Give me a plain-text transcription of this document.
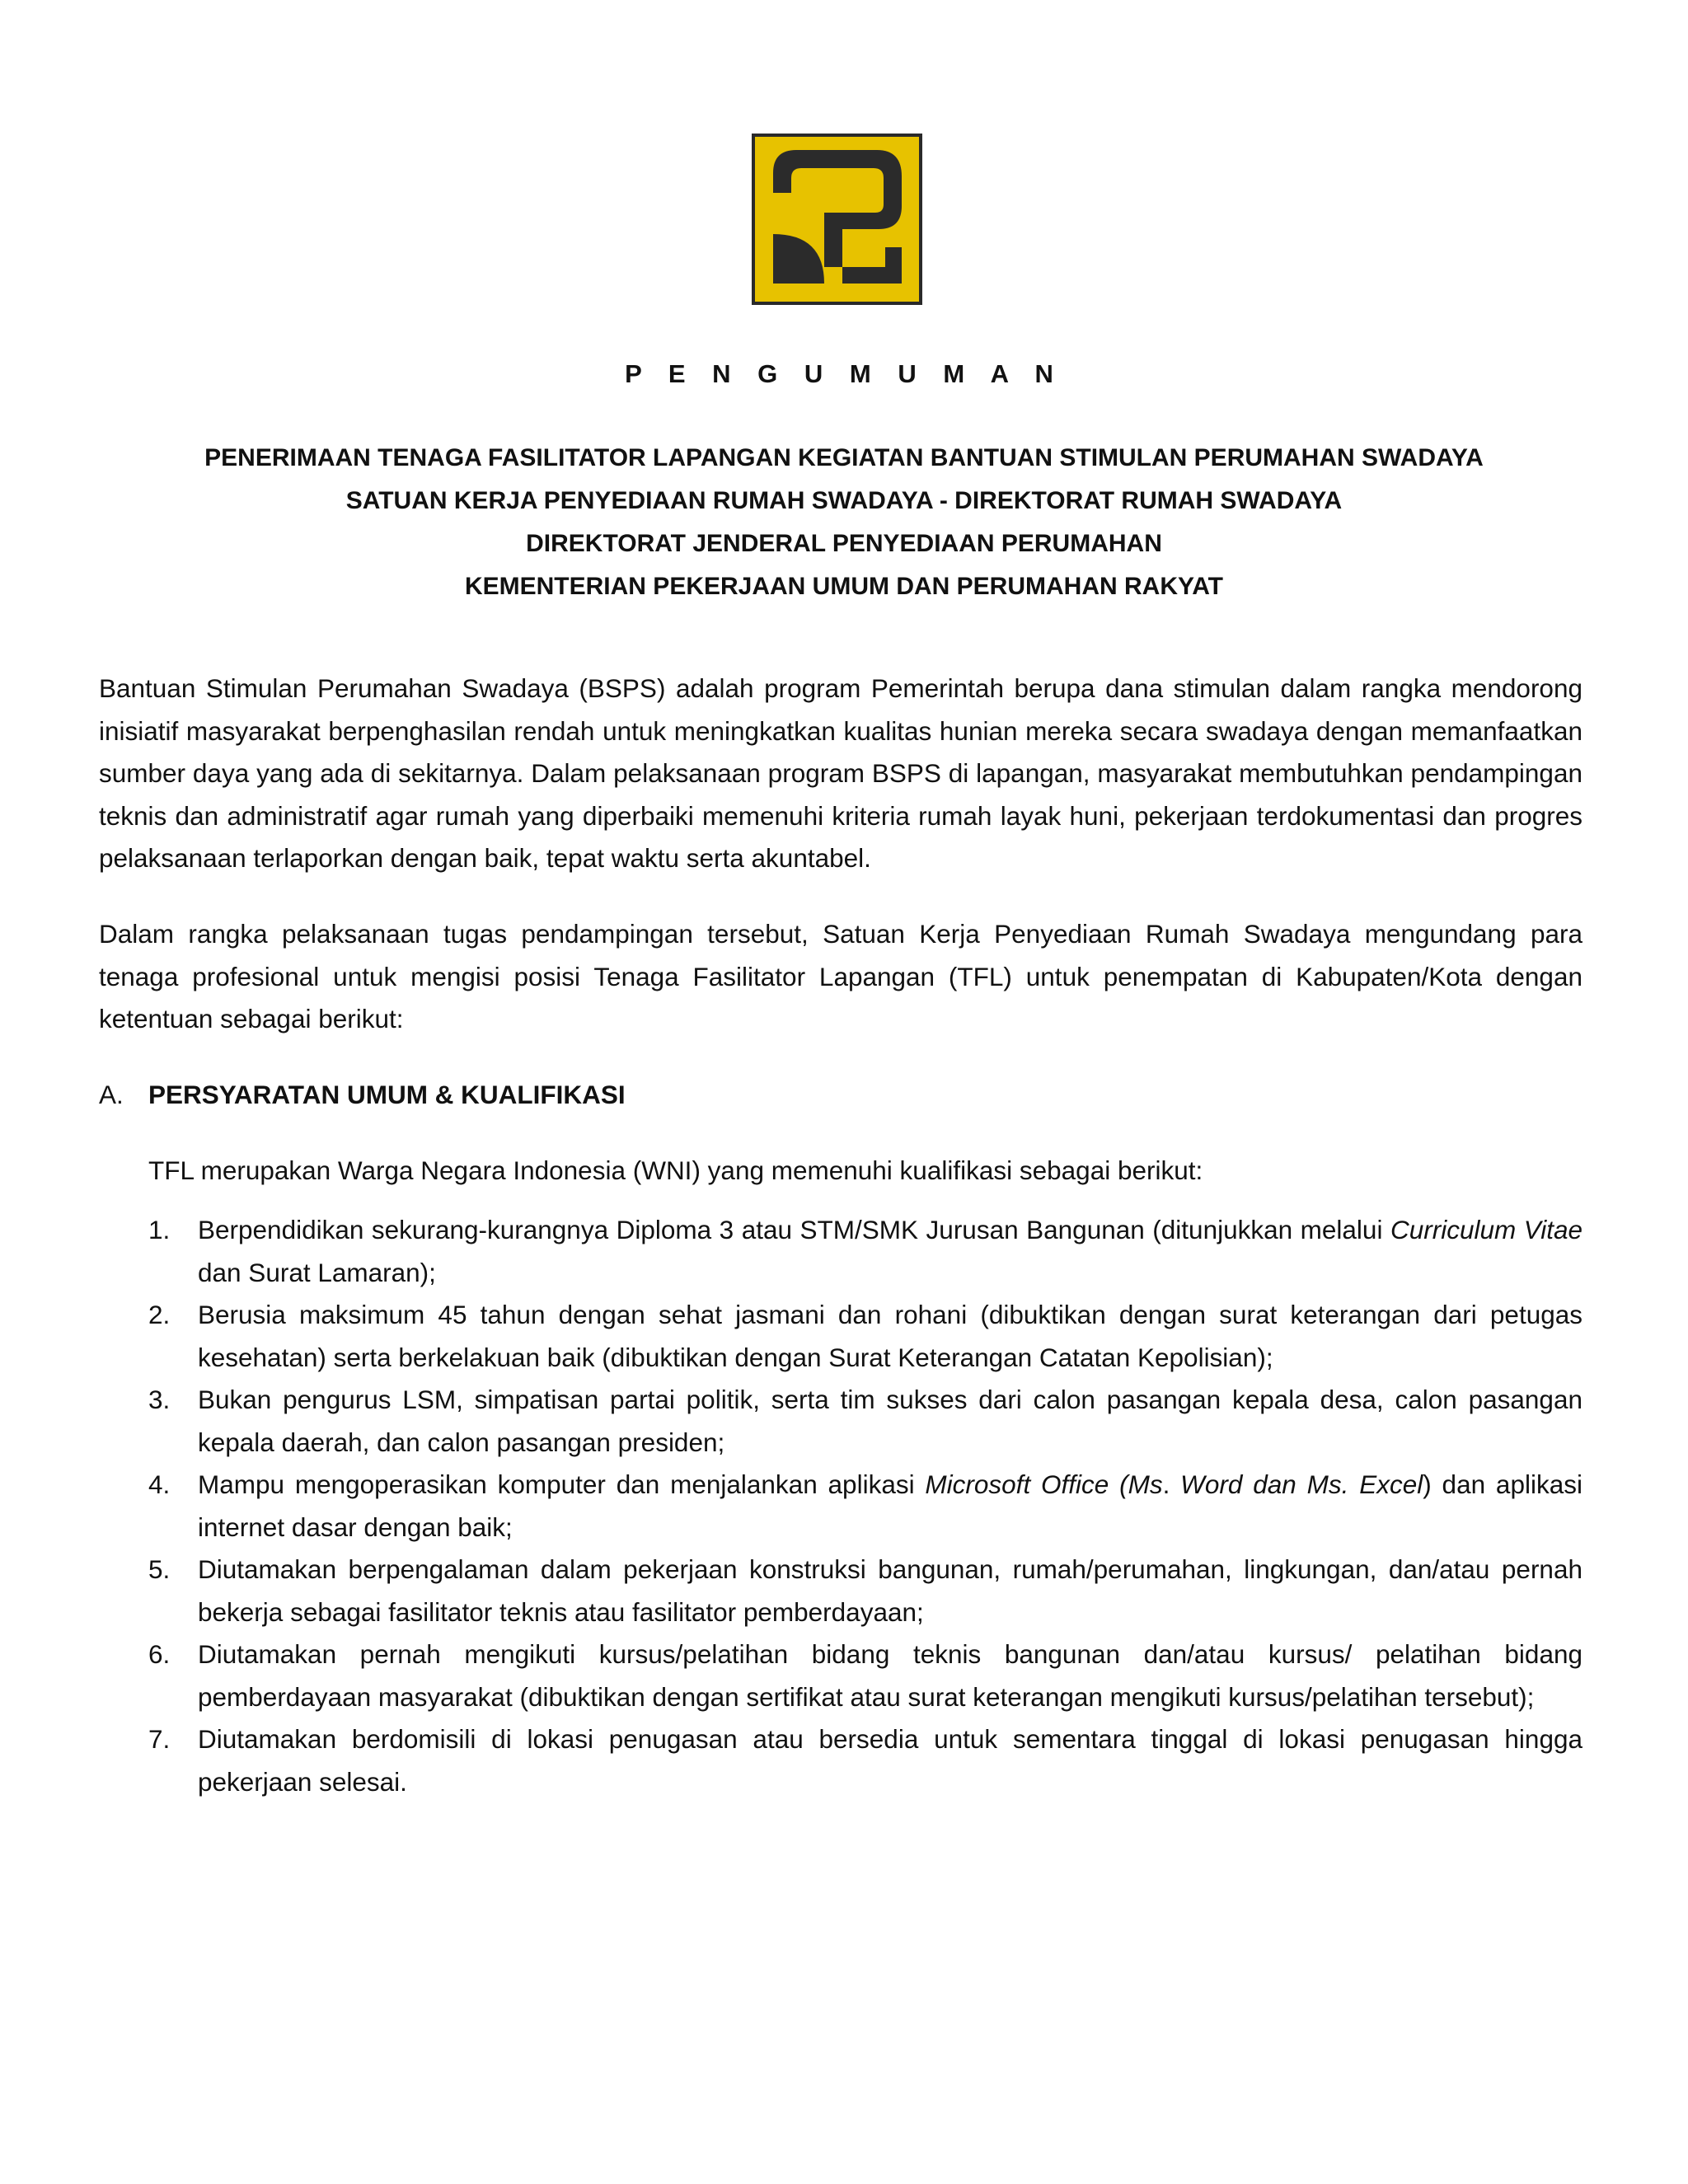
P E N G U M U M A N
PENERIMAAN TENAGA FASILITATOR LAPANGAN KEGIATAN BANTUAN STIMULAN PERUMAHAN SWADAYA
SATUAN KERJA PENYEDIAAN RUMAH SWADAYA - DIREKTORAT RUMAH SWADAYA
DIREKTORAT JENDERAL PENYEDIAAN PERUMAHAN
KEMENTERIAN PEKERJAAN UMUM DAN PERUMAHAN RAKYAT

Bantuan Stimulan Perumahan Swadaya (BSPS) adalah program Pemerintah berupa dana stimulan dalam rangka mendorong inisiatif masyarakat berpenghasilan rendah untuk meningkatkan kualitas hunian mereka secara swadaya dengan memanfaatkan sumber daya yang ada di sekitarnya. Dalam pelaksanaan program BSPS di lapangan, masyarakat membutuhkan pendampingan teknis dan administratif agar rumah yang diperbaiki memenuhi kriteria rumah layak huni, pekerjaan terdokumentasi dan progres pelaksanaan terlaporkan dengan baik, tepat waktu serta akuntabel.

Dalam rangka pelaksanaan tugas pendampingan tersebut, Satuan Kerja Penyediaan Rumah Swadaya mengundang para tenaga profesional untuk mengisi posisi Tenaga Fasilitator Lapangan (TFL) untuk penempatan di Kabupaten/Kota dengan ketentuan sebagai berikut:

A. PERSYARATAN UMUM & KUALIFIKASI
TFL merupakan Warga Negara Indonesia (WNI) yang memenuhi kualifikasi sebagai berikut:
1. Berpendidikan sekurang-kurangnya Diploma 3 atau STM/SMK Jurusan Bangunan (ditunjukkan melalui Curriculum Vitae dan Surat Lamaran);
2. Berusia maksimum 45 tahun dengan sehat jasmani dan rohani (dibuktikan dengan surat keterangan dari petugas kesehatan) serta berkelakuan baik (dibuktikan dengan Surat Keterangan Catatan Kepolisian);
3. Bukan pengurus LSM, simpatisan partai politik, serta tim sukses dari calon pasangan kepala desa, calon pasangan kepala daerah, dan calon pasangan presiden;
4. Mampu mengoperasikan komputer dan menjalankan aplikasi Microsoft Office (Ms. Word dan Ms. Excel) dan aplikasi internet dasar dengan baik;
5. Diutamakan berpengalaman dalam pekerjaan konstruksi bangunan, rumah/perumahan, lingkungan, dan/atau pernah bekerja sebagai fasilitator teknis atau fasilitator pemberdayaan;
6. Diutamakan pernah mengikuti kursus/pelatihan bidang teknis bangunan dan/atau kursus/ pelatihan bidang pemberdayaan masyarakat (dibuktikan dengan sertifikat atau surat keterangan mengikuti kursus/pelatihan tersebut);
7. Diutamakan berdomisili di lokasi penugasan atau bersedia untuk sementara tinggal di lokasi penugasan hingga pekerjaan selesai.
